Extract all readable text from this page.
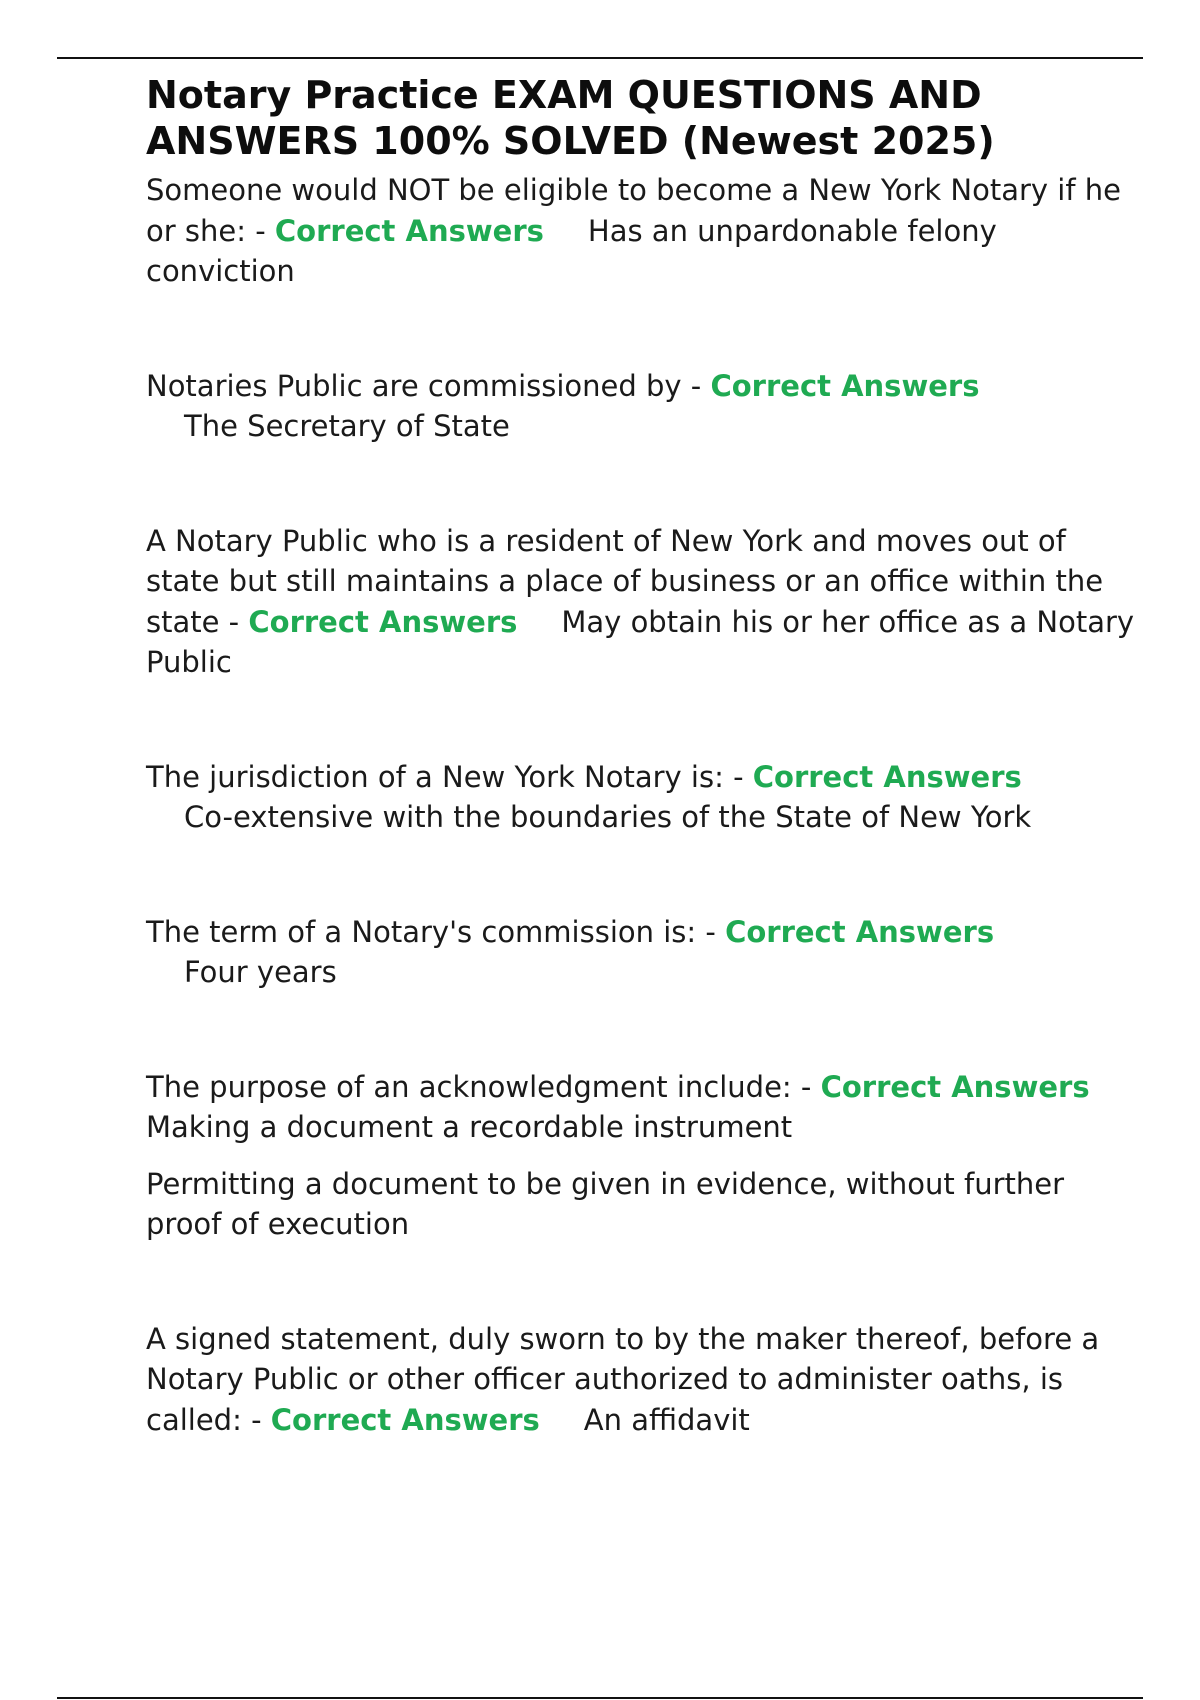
Notary Practice EXAM QUESTIONS AND ANSWERS 100% SOLVED (Newest 2025)

Someone would NOT be eligible to become a New York Notary if he or she: - Correct Answers Has an unpardonable felony conviction

Notaries Public are commissioned by - Correct Answers
The Secretary of State

A Notary Public who is a resident of New York and moves out of state but still maintains a place of business or an office within the state - Correct Answers May obtain his or her office as a Notary Public

The jurisdiction of a New York Notary is: - Correct Answers
Co-extensive with the boundaries of the State of New York

The term of a Notary's commission is: - Correct Answers
Four years

The purpose of an acknowledgment include: - Correct AnswersMaking a document a recordable instrument

Permitting a document to be given in evidence, without further proof of execution

A signed statement, duly sworn to by the maker thereof, before a Notary Public or other officer authorized to administer oaths, is called: - Correct Answers An affidavit
